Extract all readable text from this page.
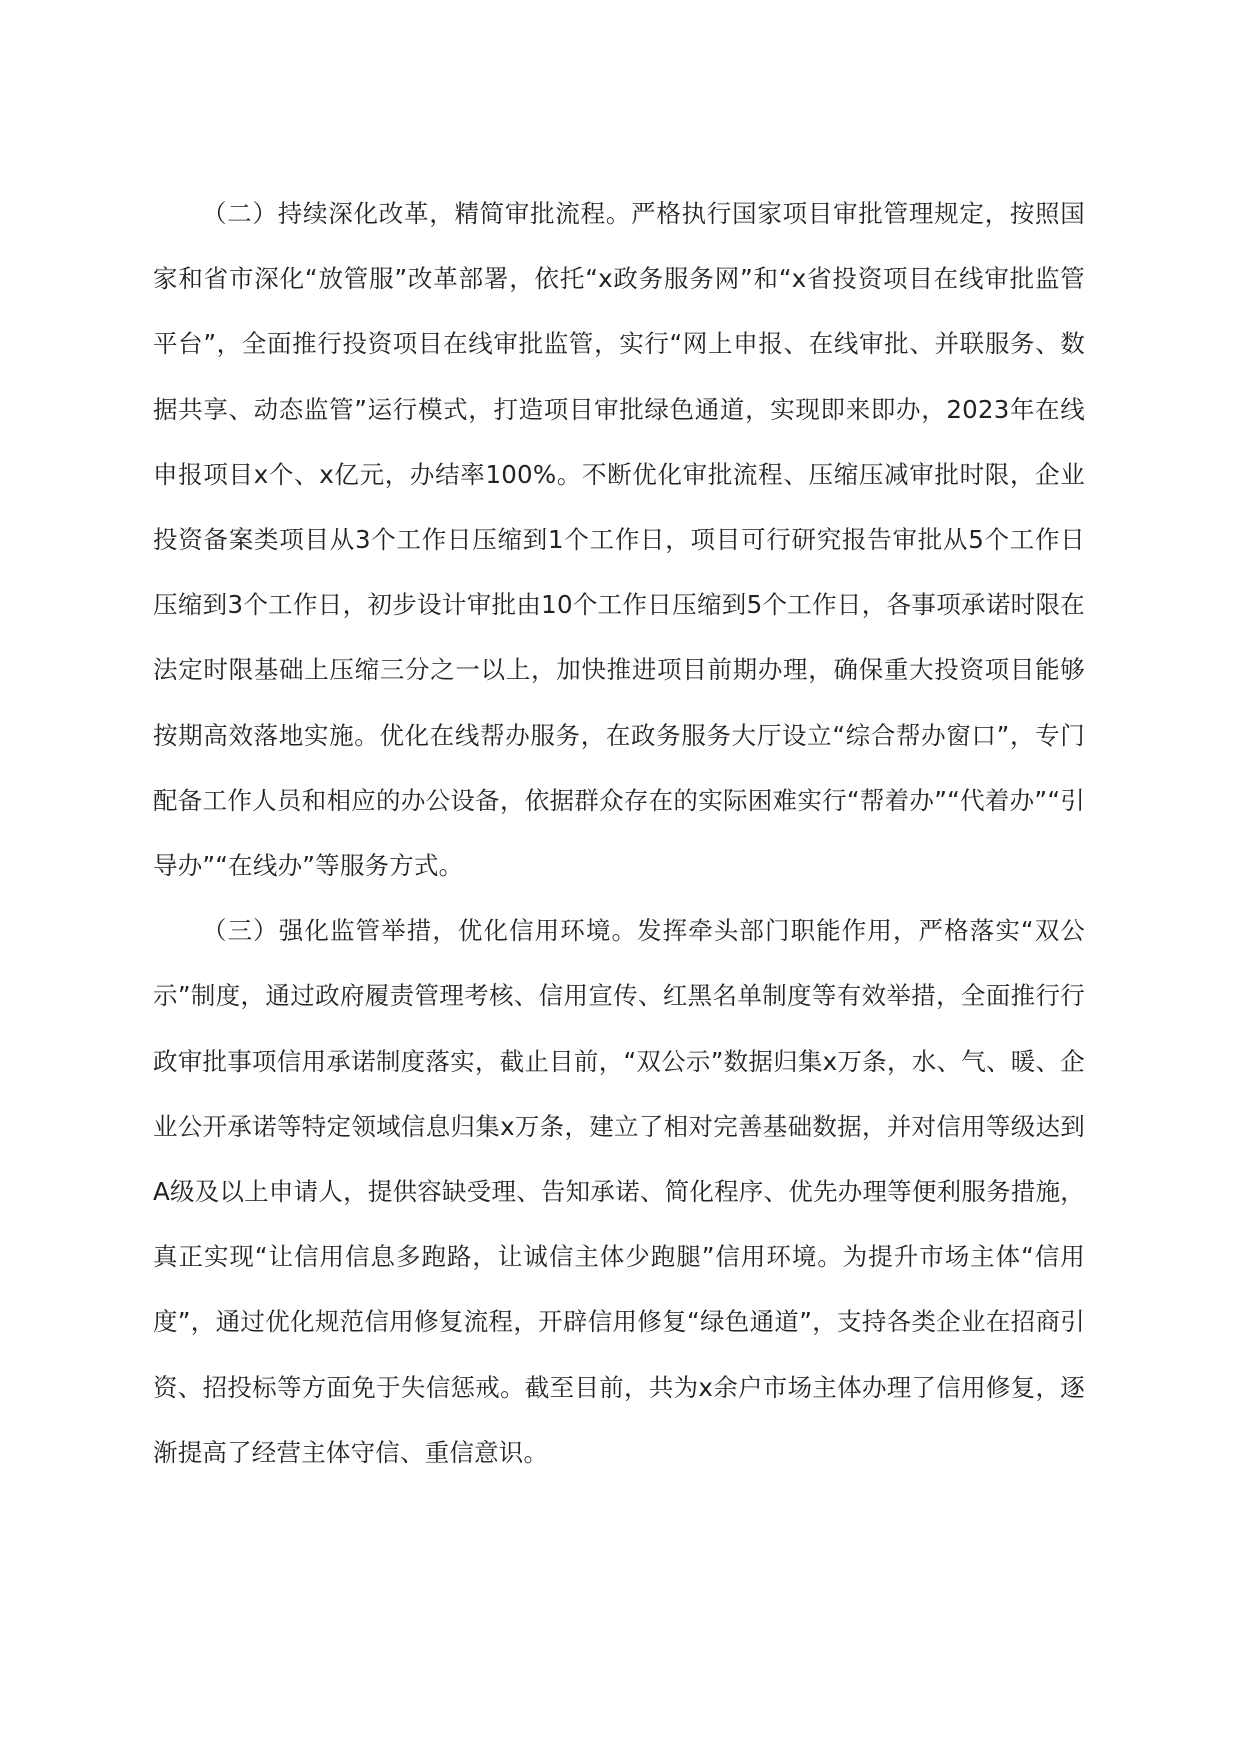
（二）持续深化改革，精简审批流程。严格执行国家项目审批管理规定，按照国家和省市深化“放管服”改革部署，依托“x政务服务网”和“x省投资项目在线审批监管平台”，全面推行投资项目在线审批监管，实行“网上申报、在线审批、并联服务、数据共享、动态监管”运行模式，打造项目审批绿色通道，实现即来即办，2023年在线申报项目x个、x亿元，办结率100%。不断优化审批流程、压缩压减审批时限，企业投资备案类项目从3个工作日压缩到1个工作日，项目可行研究报告审批从5个工作日压缩到3个工作日，初步设计审批由10个工作日压缩到5个工作日，各事项承诺时限在法定时限基础上压缩三分之一以上，加快推进项目前期办理，确保重大投资项目能够按期高效落地实施。优化在线帮办服务，在政务服务大厅设立“综合帮办窗口”，专门配备工作人员和相应的办公设备，依据群众存在的实际困难实行“帮着办”“代着办”“引导办”“在线办”等服务方式。

（三）强化监管举措，优化信用环境。发挥牵头部门职能作用，严格落实“双公示”制度，通过政府履责管理考核、信用宣传、红黑名单制度等有效举措，全面推行行政审批事项信用承诺制度落实，截止目前，“双公示”数据归集x万条，水、气、暖、企业公开承诺等特定领域信息归集x万条，建立了相对完善基础数据，并对信用等级达到A级及以上申请人，提供容缺受理、告知承诺、简化程序、优先办理等便利服务措施，真正实现“让信用信息多跑路，让诚信主体少跑腿”信用环境。为提升市场主体“信用度”，通过优化规范信用修复流程，开辟信用修复“绿色通道”，支持各类企业在招商引资、招投标等方面免于失信惩戒。截至目前，共为x余户市场主体办理了信用修复，逐渐提高了经营主体守信、重信意识。
